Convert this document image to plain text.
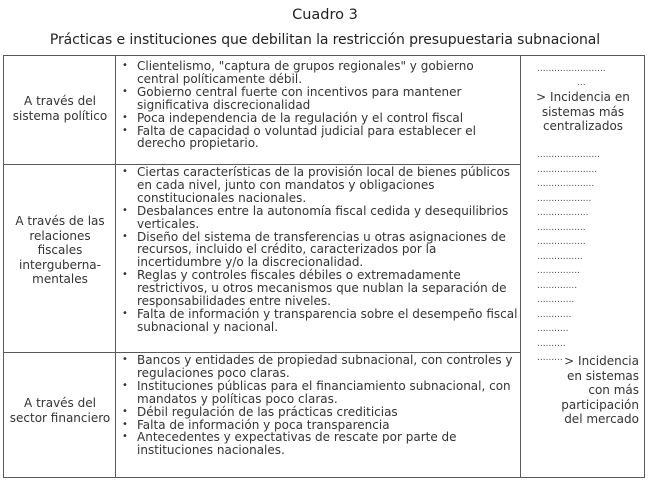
Cuadro 3
Prácticas e instituciones que debilitan la restricción presupuestaria subnacional
A través del
sistema político
• Clientelismo, "captura de grupos regionales" y gobierno central políticamente débil.
• Gobierno central fuerte con incentivos para mantener significativa discrecionalidad
• Poca independencia de la regulación y el control fiscal
• Falta de capacidad o voluntad judicial para establecer el derecho propietario.
A través de las
relaciones
fiscales
interguberna-
mentales
• Ciertas características de la provisión local de bienes públicos en cada nivel, junto con mandatos y obligaciones constitucionales nacionales.
• Desbalances entre la autonomía fiscal cedida y desequilibrios verticales.
• Diseño del sistema de transferencias u otras asignaciones de recursos, incluido el crédito, caracterizados por la incertidumbre y/o la discrecionalidad.
• Reglas y controles fiscales débiles o extremadamente restrictivos, u otros mecanismos que nublan la separación de responsabilidades entre niveles.
• Falta de información y transparencia sobre el desempeño fiscal subnacional y nacional.
A través del
sector financiero
• Bancos y entidades de propiedad subnacional, con controles y regulaciones poco claras.
• Instituciones públicas para el financiamiento subnacional, con mandatos y políticas poco claras.
• Débil regulación de las prácticas crediticias
• Falta de información y poca transparencia
• Antecedentes y expectativas de rescate por parte de instituciones nacionales.
........................
...
> Incidencia en
sistemas más
centralizados
......................
.....................
....................
...................
..................
.................
.................
................
...............
..............
.............
............
...........
..........
......... > Incidencia
en sistemas
con más
participación
del mercado
